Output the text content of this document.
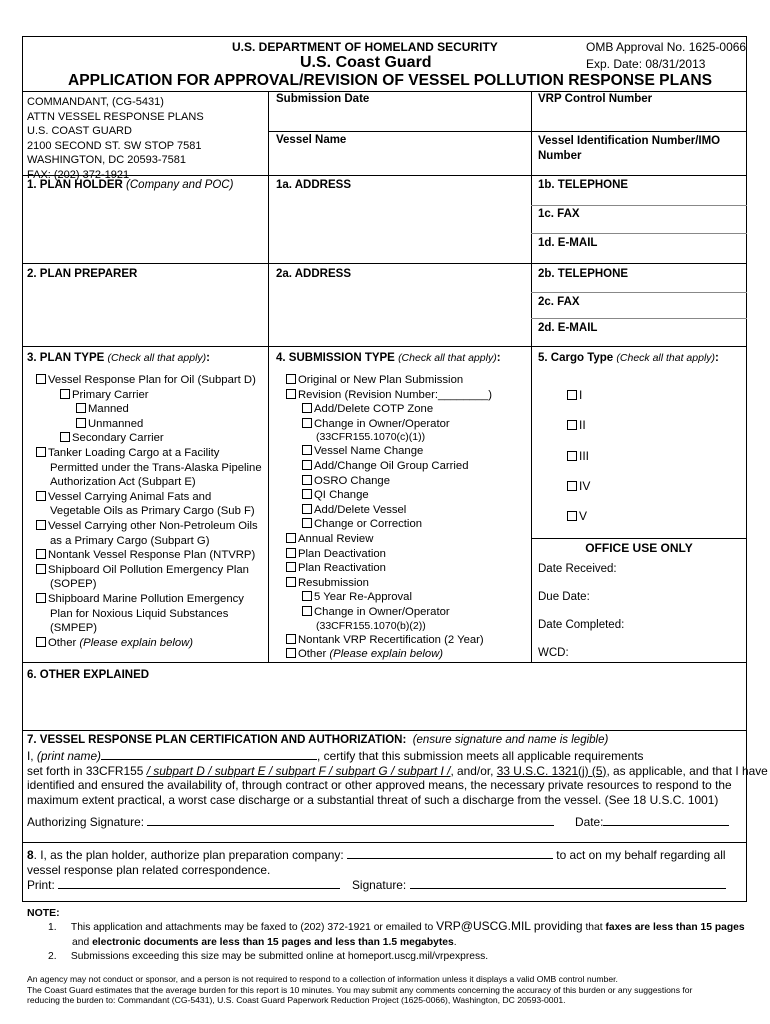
U.S. DEPARTMENT OF HOMELAND SECURITY	OMB Approval No. 1625-0066
U.S. Coast Guard	Exp. Date: 08/31/2013
APPLICATION FOR APPROVAL/REVISION OF VESSEL POLLUTION RESPONSE PLANS
COMMANDANT, (CG-5431)
ATTN VESSEL RESPONSE PLANS
U.S. COAST GUARD
2100 SECOND ST. SW STOP 7581
WASHINGTON, DC 20593-7581
FAX: (202) 372-1921
Submission Date	VRP Control Number
Vessel Name	Vessel Identification Number/IMO
Number
1. PLAN HOLDER (Company and POC)	1a. ADDRESS	1b. TELEPHONE
1c. FAX
1d. E-MAIL
2. PLAN PREPARER	2a. ADDRESS	2b. TELEPHONE
2c. FAX
2d. E-MAIL
3. PLAN TYPE (Check all that apply):
Vessel Response Plan for Oil (Subpart D)
Primary Carrier
Manned
Unmanned
Secondary Carrier
Tanker Loading Cargo at a Facility
Permitted under the Trans-Alaska Pipeline
Authorization Act (Subpart E)
Vessel Carrying Animal Fats and
Vegetable Oils as Primary Cargo (Sub F)
Vessel Carrying other Non-Petroleum Oils
as a Primary Cargo (Subpart G)
Nontank Vessel Response Plan (NTVRP)
Shipboard Oil Pollution Emergency Plan
(SOPEP)
Shipboard Marine Pollution Emergency
Plan for Noxious Liquid Substances
(SMPEP)
Other (Please explain below)
4. SUBMISSION TYPE (Check all that apply):
Original or New Plan Submission
Revision (Revision Number:________)
Add/Delete COTP Zone
Change in Owner/Operator
(33CFR155.1070(c)(1))
Vessel Name Change
Add/Change Oil Group Carried
OSRO Change
QI Change
Add/Delete Vessel
Change or Correction
Annual Review
Plan Deactivation
Plan Reactivation
Resubmission
5 Year Re-Approval
Change in Owner/Operator
(33CFR155.1070(b)(2))
Nontank VRP Recertification (2 Year)
Other (Please explain below)
5. Cargo Type (Check all that apply):
I
II
III
IV
V
OFFICE USE ONLY
Date Received:
Due Date:
Date Completed:
WCD:
6. OTHER EXPLAINED
7. VESSEL RESPONSE PLAN CERTIFICATION AND AUTHORIZATION: (ensure signature and name is legible)
I, (print name)	, certify that this submission meets all applicable requirements
set forth in 33CFR155 / subpart D / subpart E / subpart F / subpart G / subpart I /, and/or, 33 U.S.C. 1321(j) (5), as applicable, and that I have
identified and ensured the availability of, through contract or other approved means, the necessary private resources to respond to the
maximum extent practical, a worst case discharge or a substantial threat of such a discharge from the vessel. (See 18 U.S.C. 1001)
Authorizing Signature:	Date:
8. I, as the plan holder, authorize plan preparation company:	to act on my behalf regarding all
vessel response plan related correspondence.
Print:	Signature:
NOTE:
1. This application and attachments may be faxed to (202) 372-1921 or emailed to VRP@USCG.MIL providing that faxes are less than 15 pages
and electronic documents are less than 15 pages and less than 1.5 megabytes.
2. Submissions exceeding this size may be submitted online at homeport.uscg.mil/vrpexpress.
An agency may not conduct or sponsor, and a person is not required to respond to a collection of information unless it displays a valid OMB control number.
The Coast Guard estimates that the average burden for this report is 10 minutes. You may submit any comments concerning the accuracy of this burden or any suggestions for
reducing the burden to: Commandant (CG-5431), U.S. Coast Guard Paperwork Reduction Project (1625-0066), Washington, DC 20593-0001.
